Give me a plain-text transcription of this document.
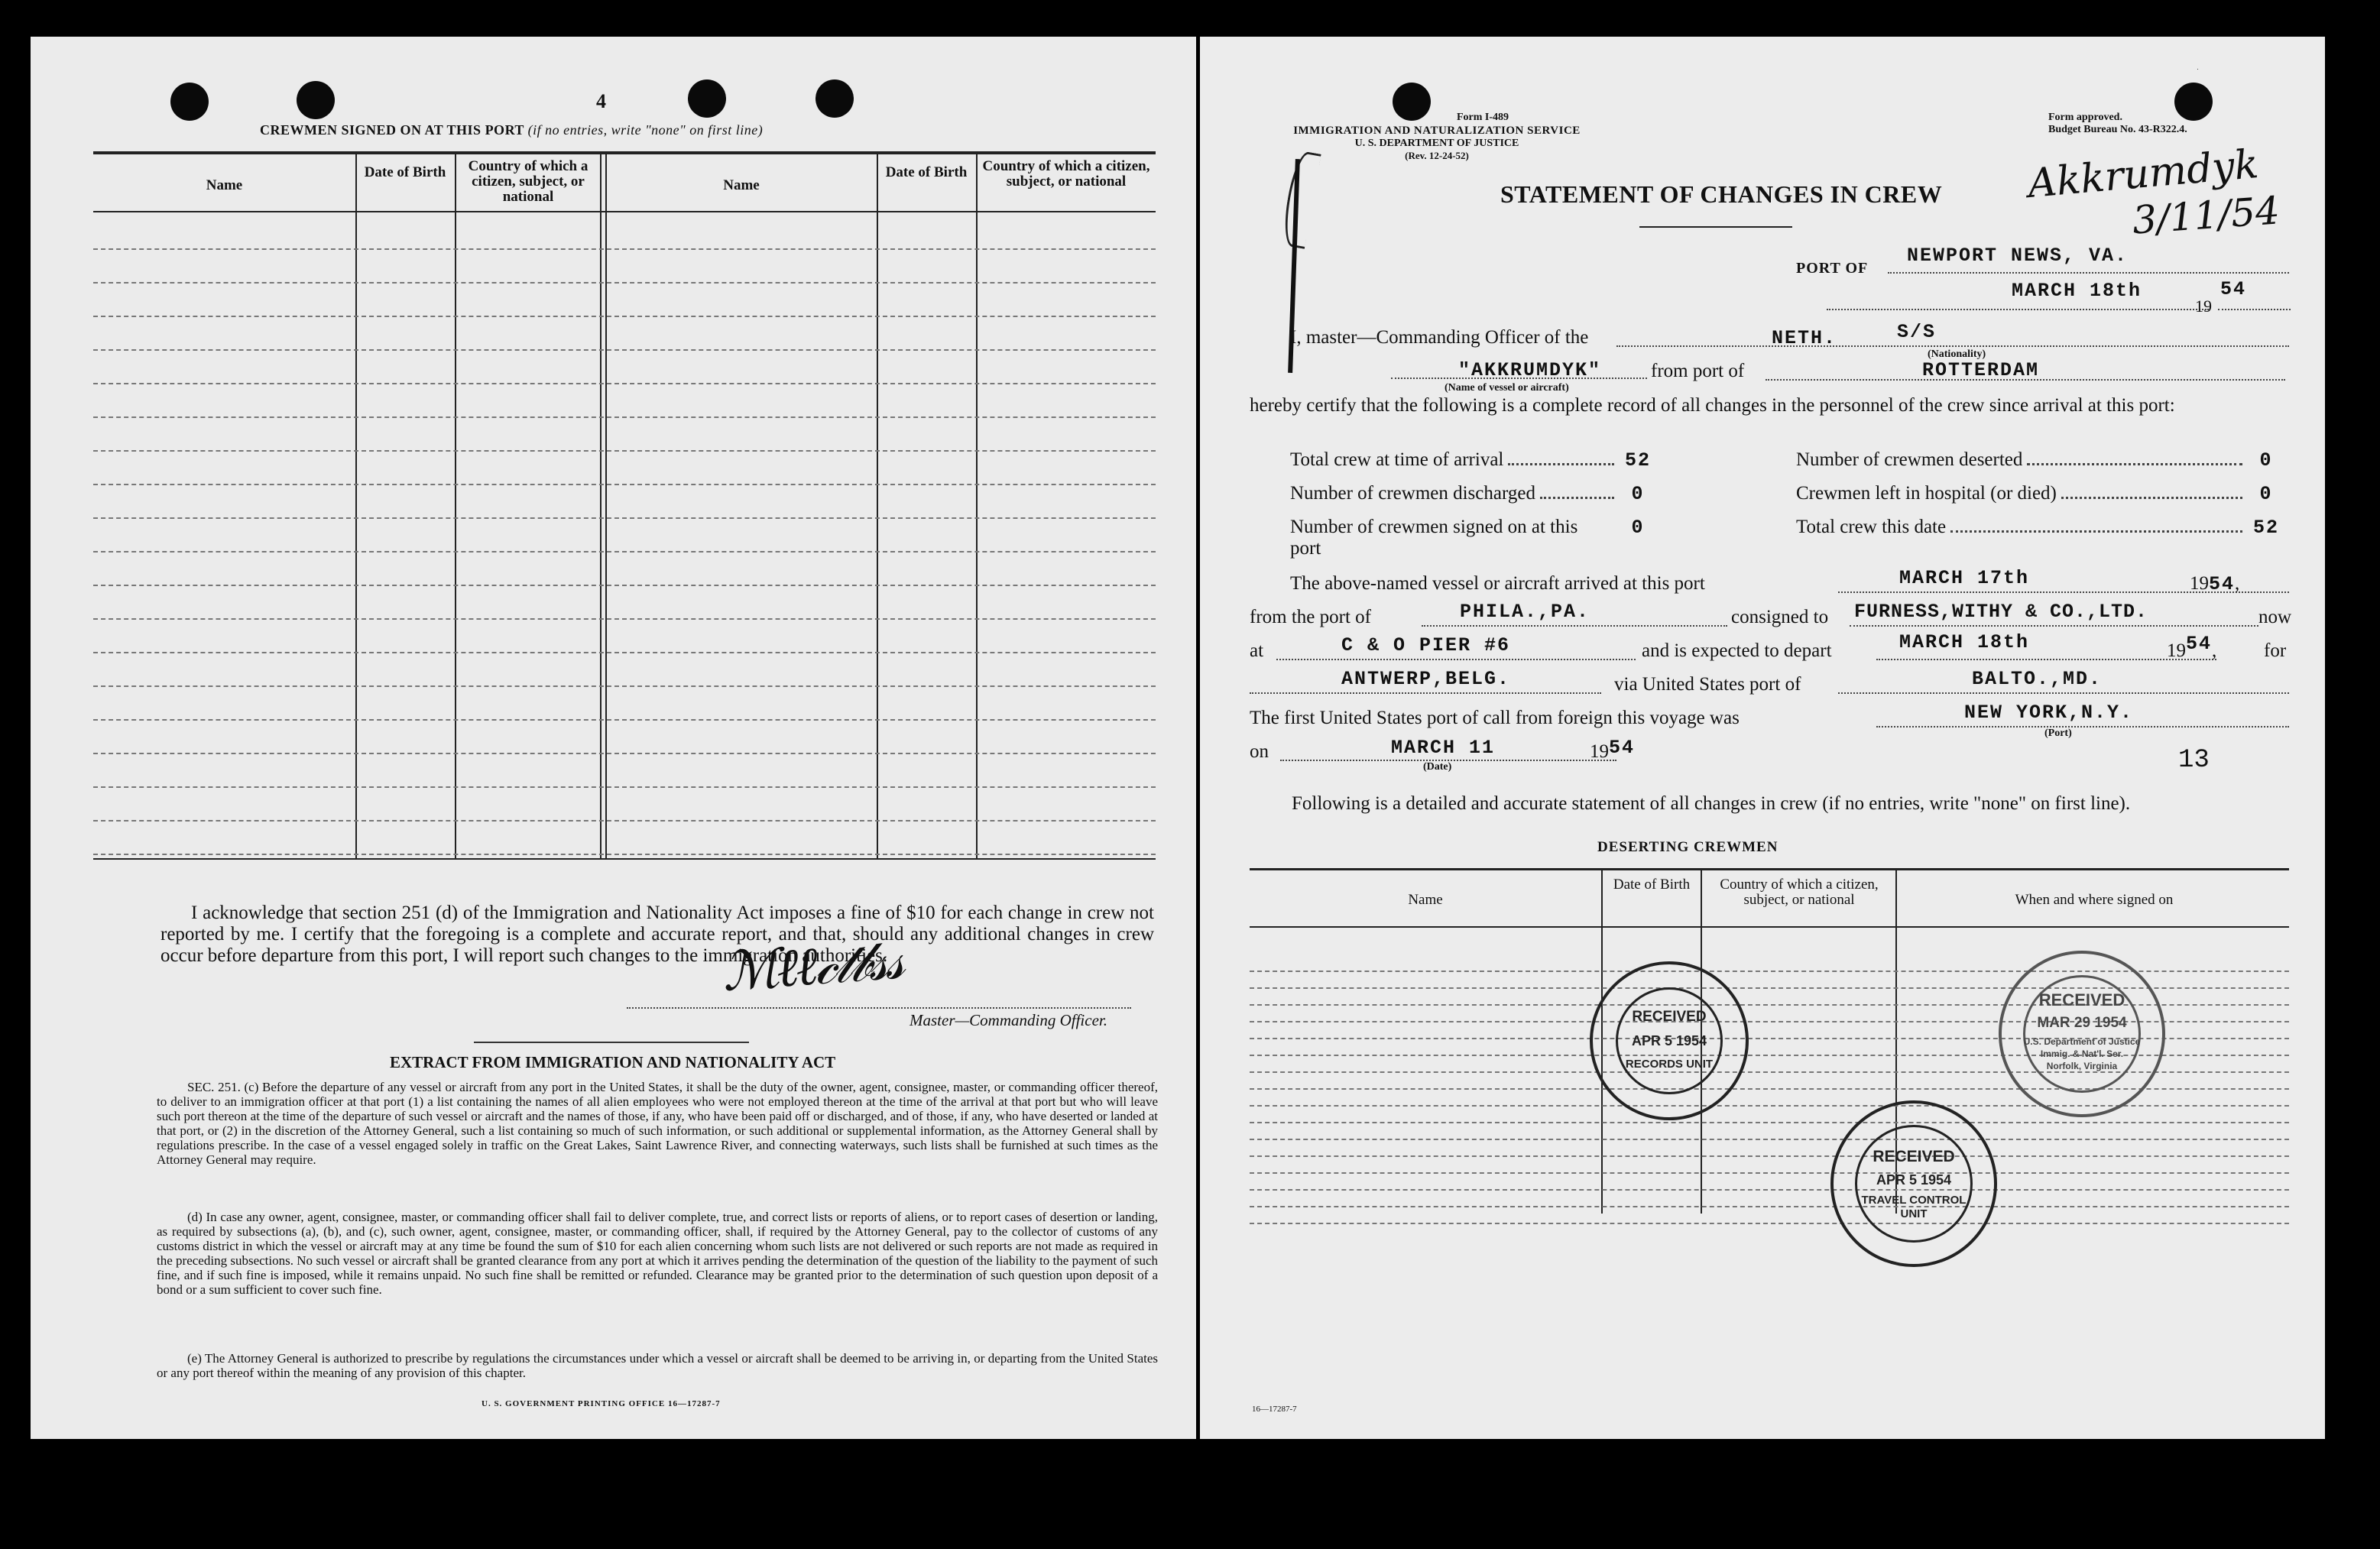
4
CREWMEN SIGNED ON AT THIS PORT (if no entries, write "none" on first line)
Name
Date of Birth	Country of which a citizen, subject, or national
Name
Date of Birth	Country of which a citizen, subject, or national
I acknowledge that section 251 (d) of the Immigration and Nationality Act imposes a fine of $10 for each change in crew not reported by me. I certify that the foregoing is a complete and accurate report, and that, should any additional changes in crew occur before departure from this port, I will report such changes to the immigration authorities.
ℳℓℓ𝒸𝓉𝒷𝓈𝓈
Master—Commanding Officer.
EXTRACT FROM IMMIGRATION AND NATIONALITY ACT
SEC. 251. (c) Before the departure of any vessel or aircraft from any port in the United States, it shall be the duty of the owner, agent, consignee, master, or commanding officer thereof, to deliver to an immigration officer at that port (1) a list containing the names of all alien employees who were not employed thereon at the time of the arrival at that port but who will leave such port thereon at the time of the departure of such vessel or aircraft and the names of those, if any, who have been paid off or discharged, and of those, if any, who have deserted or landed at that port, or (2) in the discretion of the Attorney General, such a list containing so much of such information, or such additional or supplemental information, as the Attorney General shall by regulations prescribe. In the case of a vessel engaged solely in traffic on the Great Lakes, Saint Lawrence River, and connecting waterways, such lists shall be furnished at such times as the Attorney General may require.
(d) In case any owner, agent, consignee, master, or commanding officer shall fail to deliver complete, true, and correct lists or reports of aliens, or to report cases of desertion or landing, as required by subsections (a), (b), and (c), such owner, agent, consignee, master, or commanding officer, shall, if required by the Attorney General, pay to the collector of customs of any customs district in which the vessel or aircraft may at any time be found the sum of $10 for each alien concerning whom such lists are not delivered or such reports are not made as required in the preceding subsections. No such vessel or aircraft shall be granted clearance from any port at which it arrives pending the determination of the question of the liability to the payment of such fine, and if such fine is imposed, while it remains unpaid. No such fine shall be remitted or refunded. Clearance may be granted prior to the determination of such question upon deposit of a bond or a sum sufficient to cover such fine.
(e) The Attorney General is authorized to prescribe by regulations the circumstances under which a vessel or aircraft shall be deemed to be arriving in, or departing from the United States or any port thereof within the meaning of any provision of this chapter.
U. S. GOVERNMENT PRINTING OFFICE 16—17287-7
Form I-489
IMMIGRATION AND NATURALIZATION SERVICE
U. S. DEPARTMENT OF JUSTICE
(Rev. 12-24-52)
Form approved.
Budget Bureau No. 43-R322.4.
STATEMENT OF CHANGES IN CREW Akkrumdyk
3/11/54
PORT OF
NEWPORT NEWS, VA.
MARCH 18th
19
54
I, master—Commanding Officer of the	NETH.	S/S
(Nationality)
"AKKRUMDYK"
(Name of vessel or aircraft)
from port of	ROTTERDAM
hereby certify that the following is a complete record of all changes in the personnel of the crew since arrival at this port:
Total crew at time of arrival	52	Number of crewmen deserted	0
Number of crewmen discharged	0	Crewmen left in hospital (or died)	0
Number of crewmen signed on at this port
0	Total crew this date	52
The above-named vessel or aircraft arrived at this port	MARCH 17th	1954,
from the port of	PHILA.,PA.	consigned to FURNESS,WITHY & CO.,LTD.	now
at	C & O PIER #6	and is expected to depart	MARCH 18th	1954, for
ANTWERP,BELG.	via United States port of	BALTO.,MD.
The first United States port of call from foreign this voyage was	NEW YORK,N.Y.
(Port)
on	MARCH 11
(Date)
1954	13
Following is a detailed and accurate statement of all changes in crew (if no entries, write "none" on first line).
DESERTING CREWMEN
Name
Date of Birth	Country of which a citizen, subject, or national	When and where signed on
RECEIVED
APR 5 1954
RECORDS UNIT
RECEIVED
MAR 29 1954
U.S. Department of Justice
Immig. & Nat'l. Ser.
Norfolk, Virginia
RECEIVED
APR 5 1954
TRAVEL CONTROL
UNIT
16—17287-7
